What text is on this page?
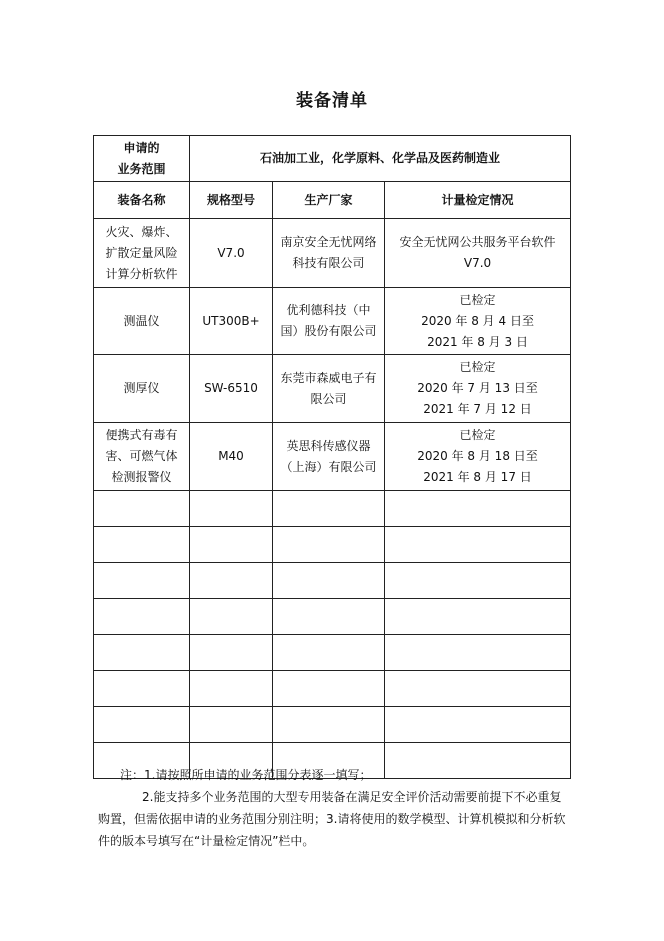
装备清单
申请的
业务范围	石油加工业，化学原料、化学品及医药制造业		
装备名称	规格型号	生产厂家	计量检定情况
火灾、爆炸、扩散定量风险计算分析软件	V7.0	南京安全无忧网络科技有限公司	安全无忧网公共服务平台软件V7.0
测温仪	UT300B+	优利德科技（中国）股份有限公司	已检定
2020 年 8 月 4 日至
2021 年 8 月 3 日
测厚仪	SW-6510	东莞市森威电子有限公司	已检定
2020 年 7 月 13 日至
2021 年 7 月 12 日
便携式有毒有害、可燃气体检测报警仪	M40	英思科传感仪器（上海）有限公司	已检定
2020 年 8 月 18 日至
2021 年 8 月 17 日

注：1.请按照所申请的业务范围分表逐一填写；

2.能支持多个业务范围的大型专用装备在满足安全评价活动需要前提下不必重复购置，但需依据申请的业务范围分别注明；3.请将使用的数学模型、计算机模拟和分析软件的版本号填写在“计量检定情况”栏中。
